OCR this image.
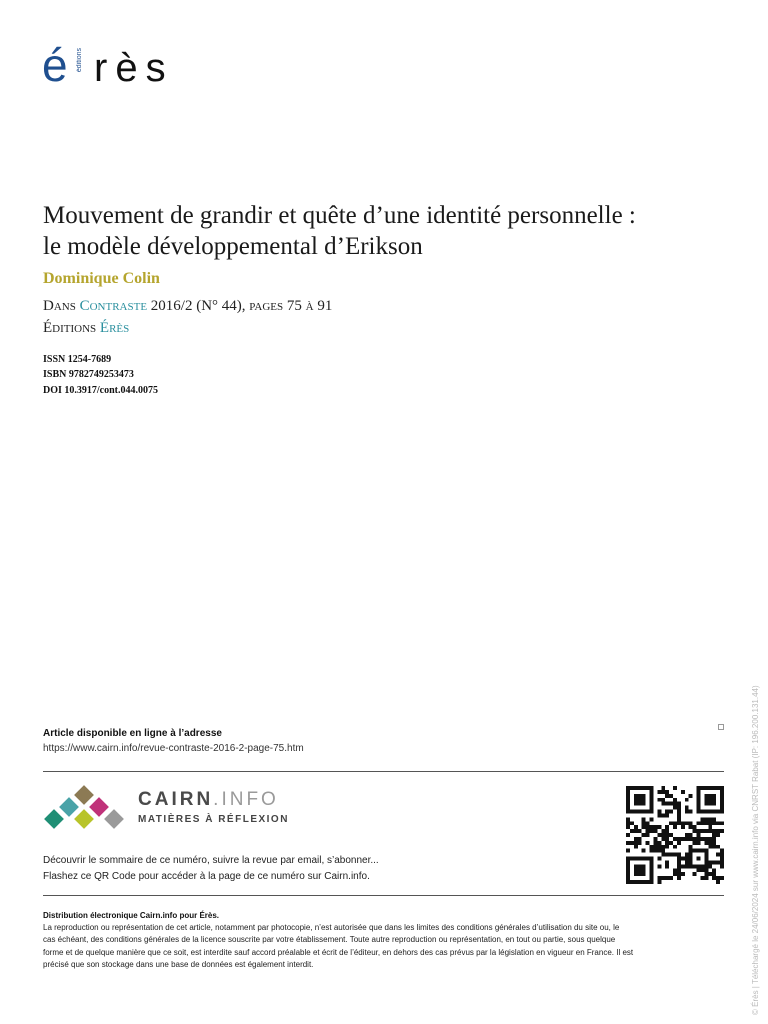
é éditions rès
Mouvement de grandir et quête d’une identité personnelle :
le modèle développemental d’Erikson
Dominique Colin
Dans Contraste 2016/2 (N° 44), pages 75 à 91
Éditions Érès
ISSN 1254-7689
ISBN 9782749253473
DOI 10.3917/cont.044.0075
Article disponible en ligne à l’adresse
https://www.cairn.info/revue-contraste-2016-2-page-75.htm
CAIRN.INFO
MATIÈRES À RÉFLEXION
Découvrir le sommaire de ce numéro, suivre la revue par email, s’abonner...
Flashez ce QR Code pour accéder à la page de ce numéro sur Cairn.info.
Distribution électronique Cairn.info pour Érès.

La reproduction ou représentation de cet article, notamment par photocopie, n’est autorisée que dans les limites des conditions générales d’utilisation du site ou, le
cas échéant, des conditions générales de la licence souscrite par votre établissement. Toute autre reproduction ou représentation, en tout ou partie, sous quelque
forme et de quelque manière que ce soit, est interdite sauf accord préalable et écrit de l’éditeur, en dehors des cas prévus par la législation en vigueur en France. Il est
précisé que son stockage dans une base de données est également interdit.	© Érès | Téléchargé le 24/06/2024 sur www.cairn.info via CNRST Rabat (IP: 196.200.131.44)
